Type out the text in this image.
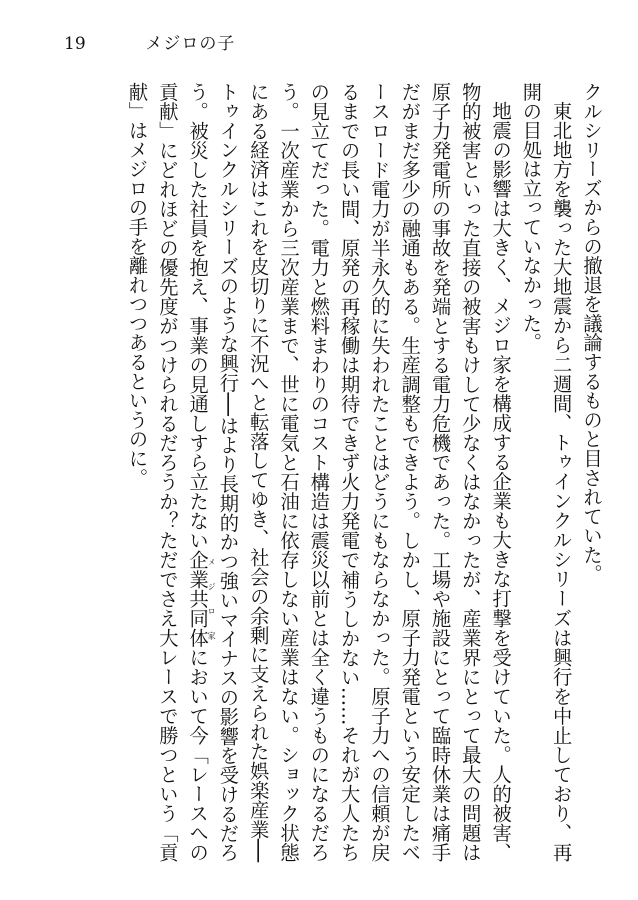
19	メジロの子

クルシリーズからの撤退を議論するものと目されていた。

東北地方を襲った大地震から二週間、トゥインクルシリーズは興行を中止しており、再開の目処は立っていなかった。

地震の影響は大きく、メジロ家を構成する企業も大きな打撃を受けていた。人的被害、物的被害といった直接の被害もけして少なくはなかったが、産業界にとって最大の問題は原子力発電所の事故を発端とする電力危機であった。工場や施設にとって臨時休業は痛手だがまだ多少の融通もある。生産調整もできよう。しかし、原子力発電という安定したベースロード電力が半永久的に失われたことはどうにもならなかった。原子力への信頼が戻るまでの長い間、原発の再稼働は期待できず火力発電で補うしかない……それが大人たちの見立てだった。電力と燃料まわりのコスト構造は震災以前とは全く違うものになるだろう。一次産業から三次産業まで、世に電気と石油に依存しない産業はない。ショック状態にある経済はこれを皮切りに不況へと転落してゆき、社会の余剰に支えられた娯楽産業──トゥインクルシリーズのような興行──はより長期的かつ強いマイナスの影響を受けるだろう。被災した社員を抱え、事業の見通しすら立たない企業共同体メジロ家において今「レースへの貢献」にどれほどの優先度がつけられるだろうか？ただでさえ大レースで勝つという「貢献」はメジロの手を離れつつあるというのに。
